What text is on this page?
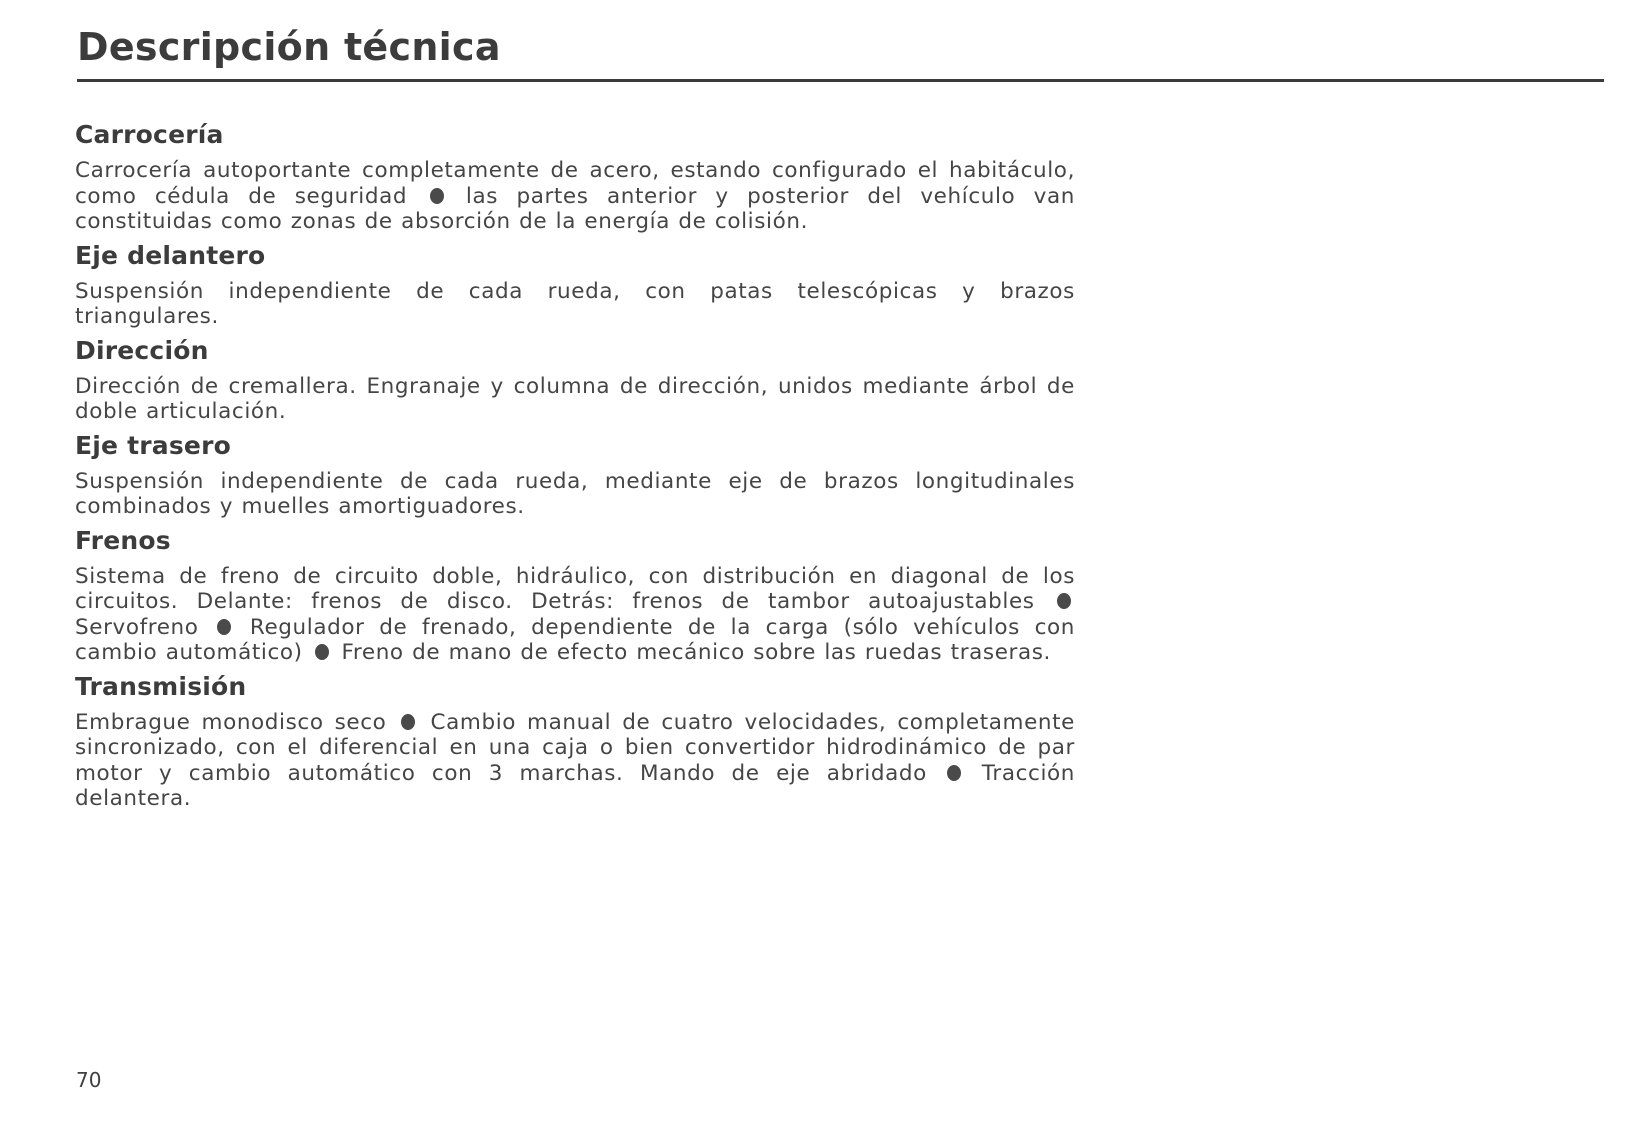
Descripción técnica
Carrocería

Carrocería autoportante completamente de acero, estando configurado el habitáculo, como cédula de seguridad  las partes anterior y posterior del vehículo van constituidas como zonas de absorción de la energía de colisión.

Eje delantero

Suspensión independiente de cada rueda, con patas telescópicas y brazos triangulares.

Dirección

Dirección de cremallera. Engranaje y columna de dirección, unidos mediante árbol de doble articulación.

Eje trasero

Suspensión independiente de cada rueda, mediante eje de brazos longitudinales combinados y muelles amortiguadores.

Frenos

Sistema de freno de circuito doble, hidráulico, con distribución en diagonal de los circuitos. Delante: frenos de disco. Detrás: frenos de tambor autoajustables  Servofreno  Regulador de frenado, dependiente de la carga (sólo vehículos con cambio automático)  Freno de mano de efecto mecánico sobre las ruedas traseras.

Transmisión

Embrague monodisco seco  Cambio manual de cuatro velocidades, completamente sincronizado, con el diferencial en una caja o bien convertidor hidrodinámico de par motor y cambio automático con 3 marchas. Mando de eje abridado  Tracción delantera.

70
